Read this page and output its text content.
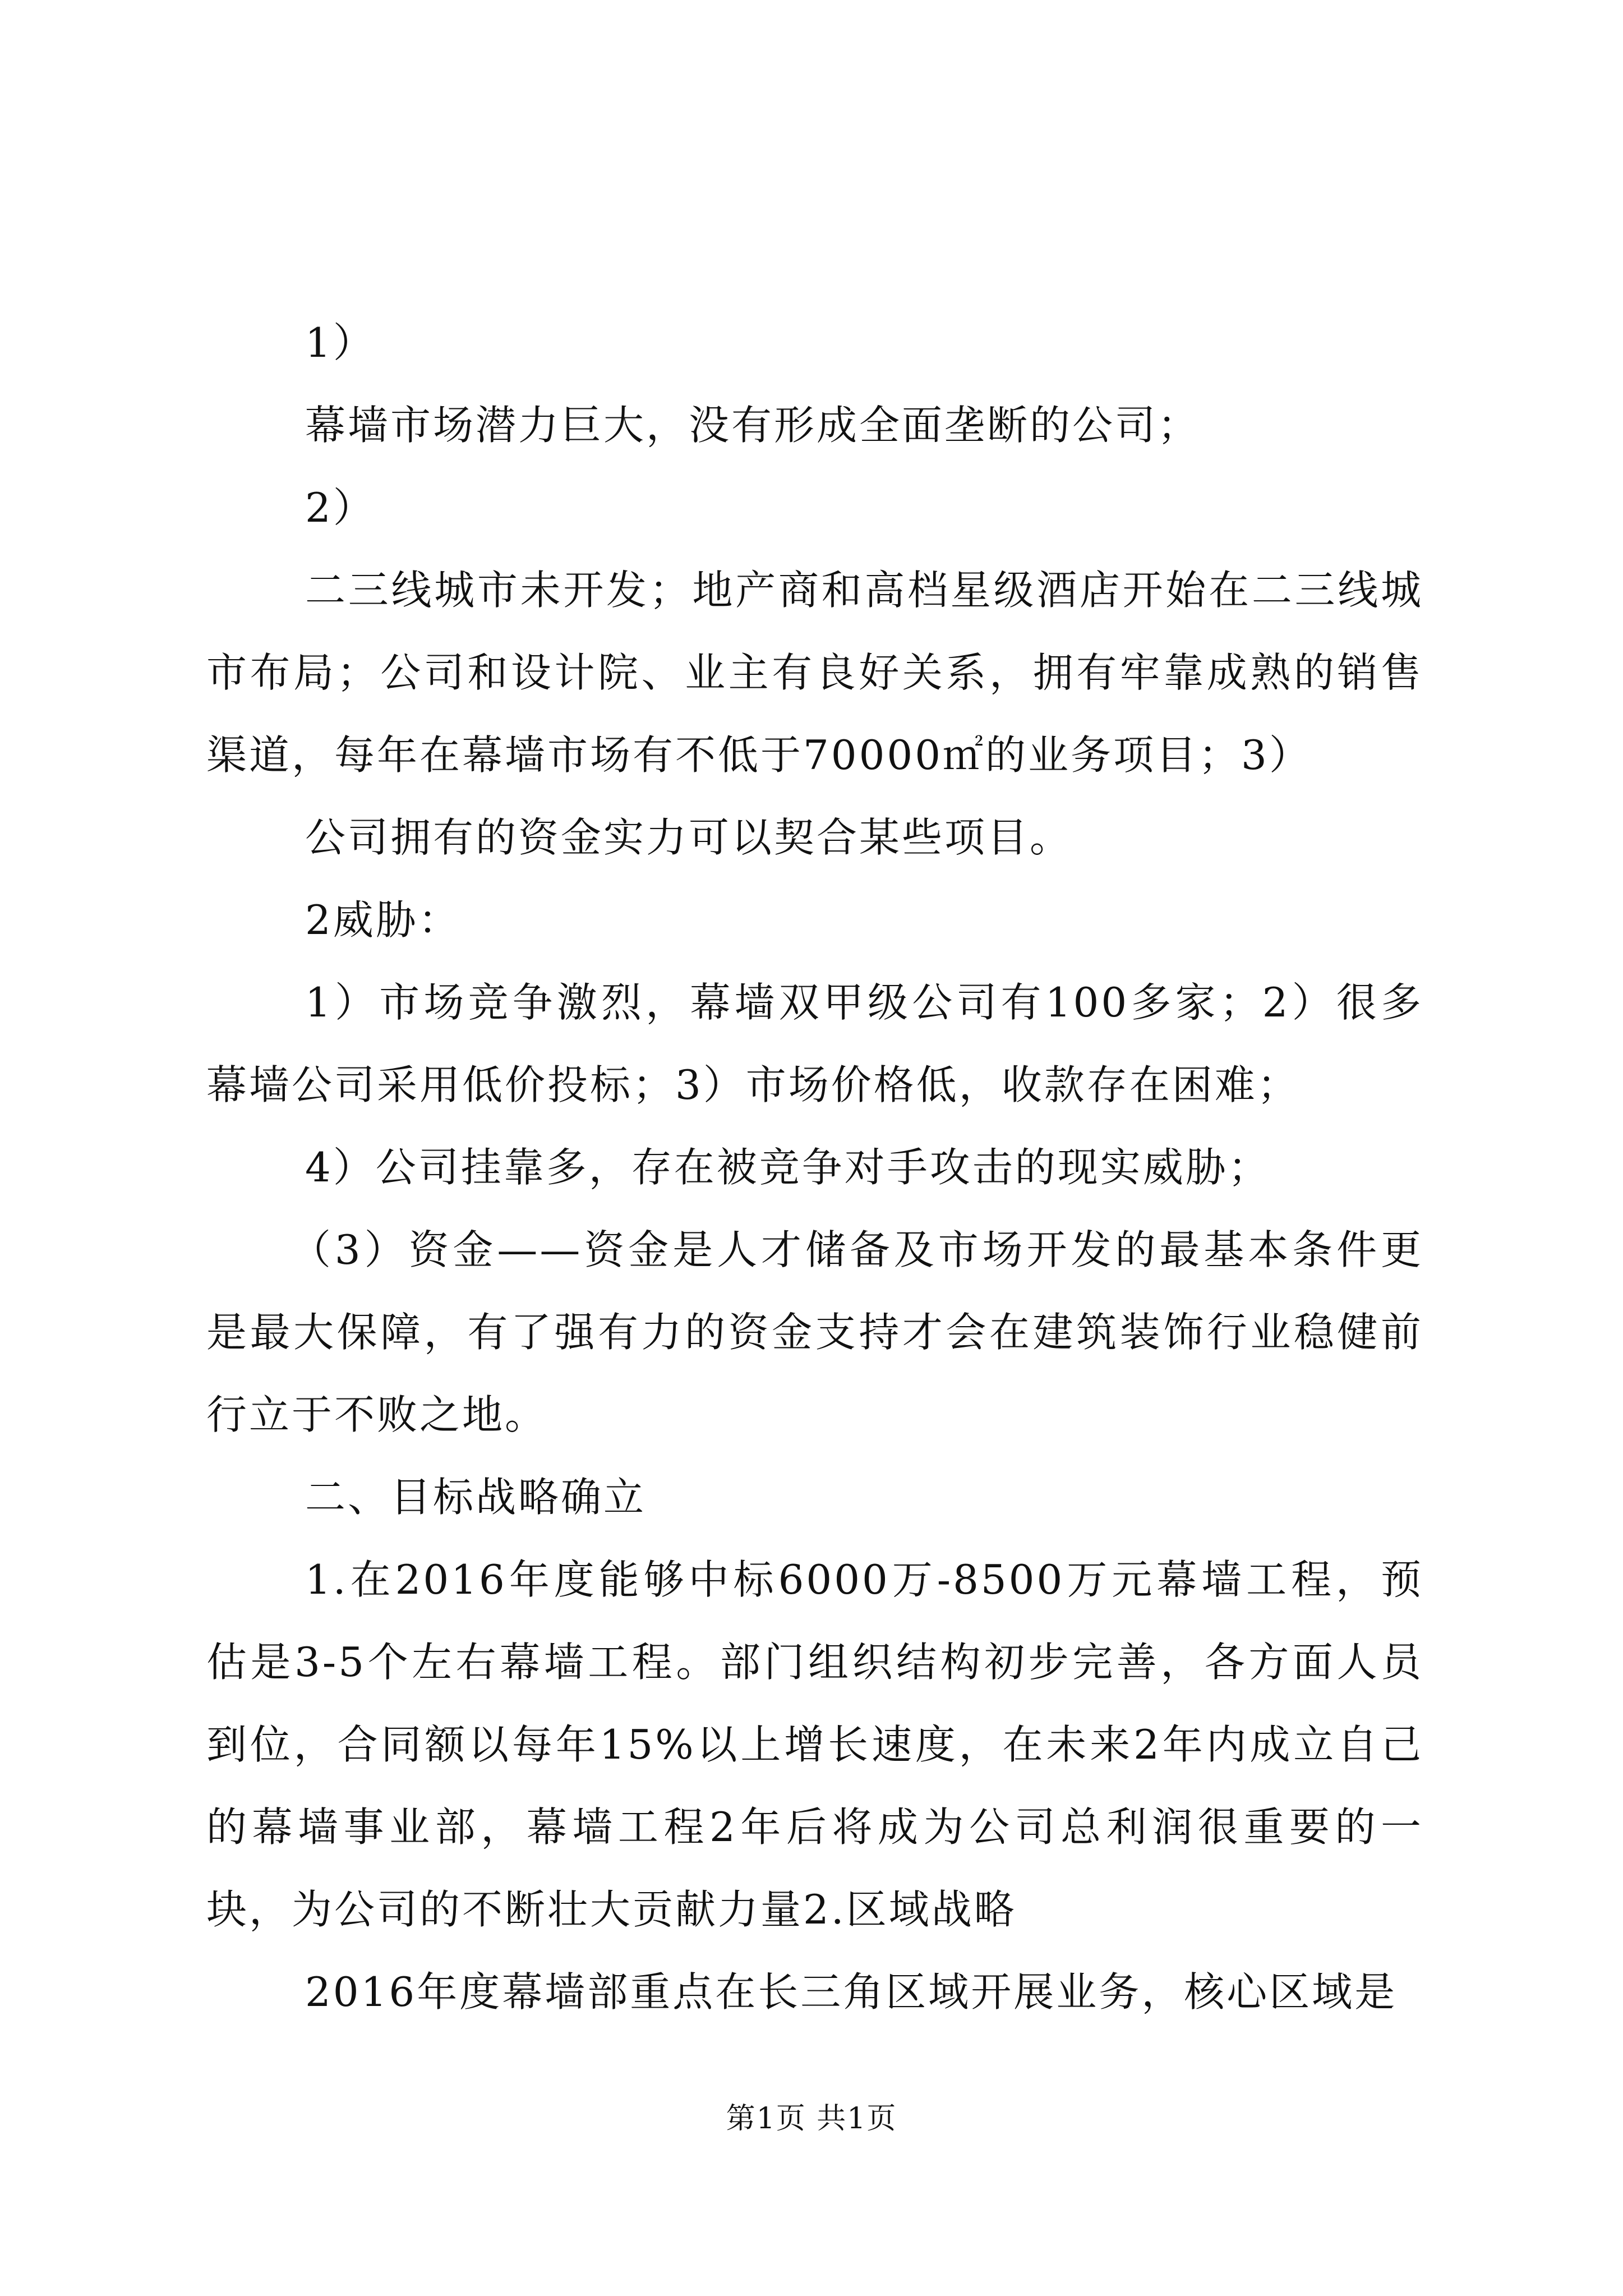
1）

幕墙市场潜力巨大，没有形成全面垄断的公司；

2）

二三线城市未开发；地产商和高档星级酒店开始在二三线城市布局；公司和设计院、业主有良好关系，拥有牢靠成熟的销售渠道，每年在幕墙市场有不低于70000㎡的业务项目；3）

公司拥有的资金实力可以契合某些项目。

2威胁：

1）市场竞争激烈，幕墙双甲级公司有100多家；2）很多幕墙公司采用低价投标；3）市场价格低，收款存在困难；

4）公司挂靠多，存在被竞争对手攻击的现实威胁；

（3）资金——资金是人才储备及市场开发的最基本条件更是最大保障，有了强有力的资金支持才会在建筑装饰行业稳健前行立于不败之地。

二、目标战略确立

1.在2016年度能够中标6000万-8500万元幕墙工程，预估是3-5个左右幕墙工程。部门组织结构初步完善，各方面人员到位，合同额以每年15%以上增长速度，在未来2年内成立自己的幕墙事业部，幕墙工程2年后将成为公司总利润很重要的一块，为公司的不断壮大贡献力量2.区域战略

2016年度幕墙部重点在长三角区域开展业务，核心区域是

第1页 共1页
